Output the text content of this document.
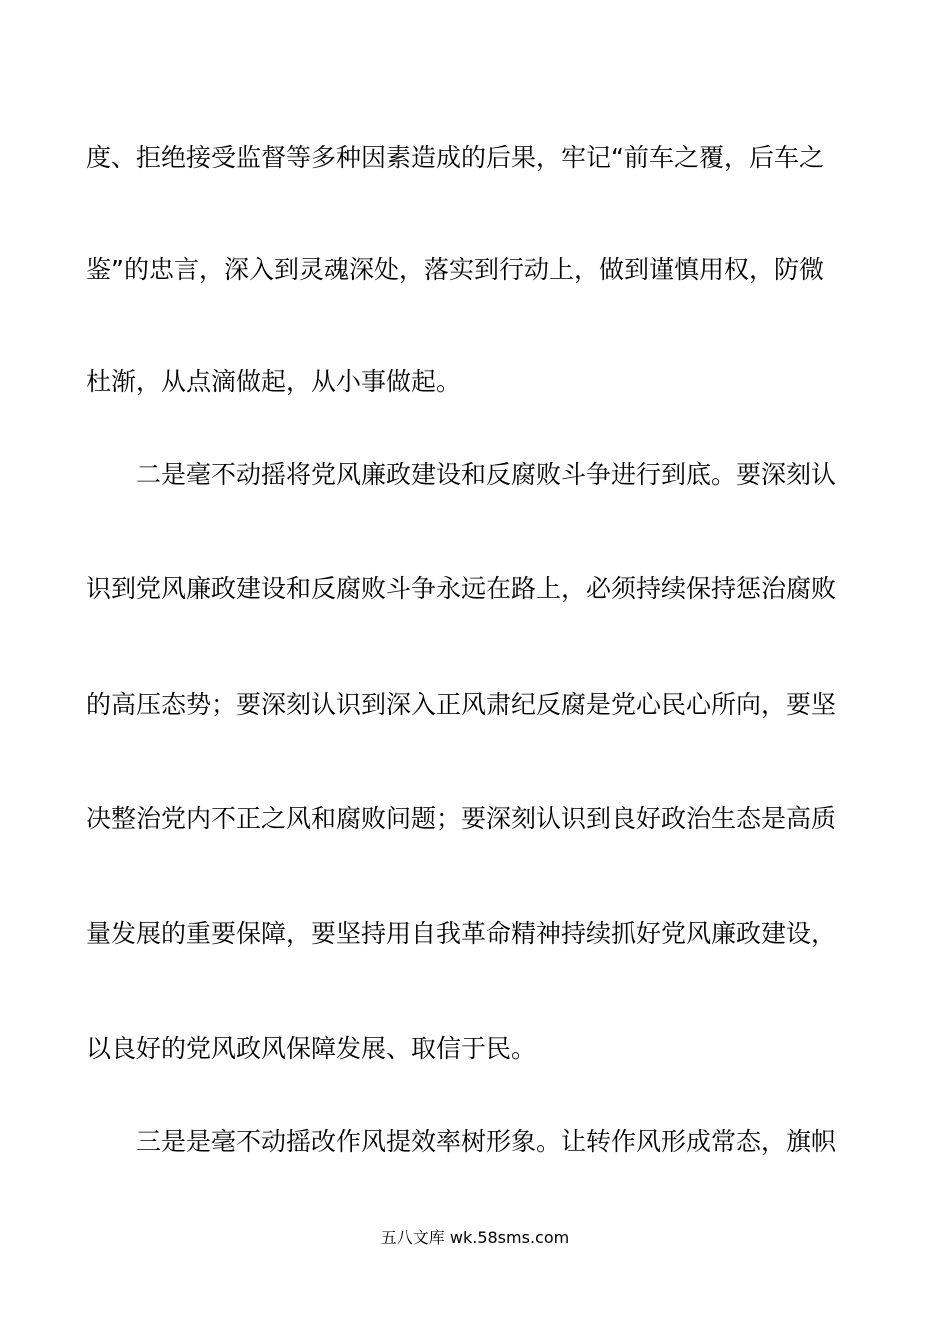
度、拒绝接受监督等多种因素造成的后果，牢记“前车之覆，后车之
鉴”的忠言，深入到灵魂深处，落实到行动上，做到谨慎用权，防微
杜渐，从点滴做起，从小事做起。
二是毫不动摇将党风廉政建设和反腐败斗争进行到底。要深刻认
识到党风廉政建设和反腐败斗争永远在路上，必须持续保持惩治腐败
的高压态势；要深刻认识到深入正风肃纪反腐是党心民心所向，要坚
决整治党内不正之风和腐败问题；要深刻认识到良好政治生态是高质
量发展的重要保障，要坚持用自我革命精神持续抓好党风廉政建设，
以良好的党风政风保障发展、取信于民。
三是是毫不动摇改作风提效率树形象。让转作风形成常态，旗帜
五八文库 wk.58sms.com
